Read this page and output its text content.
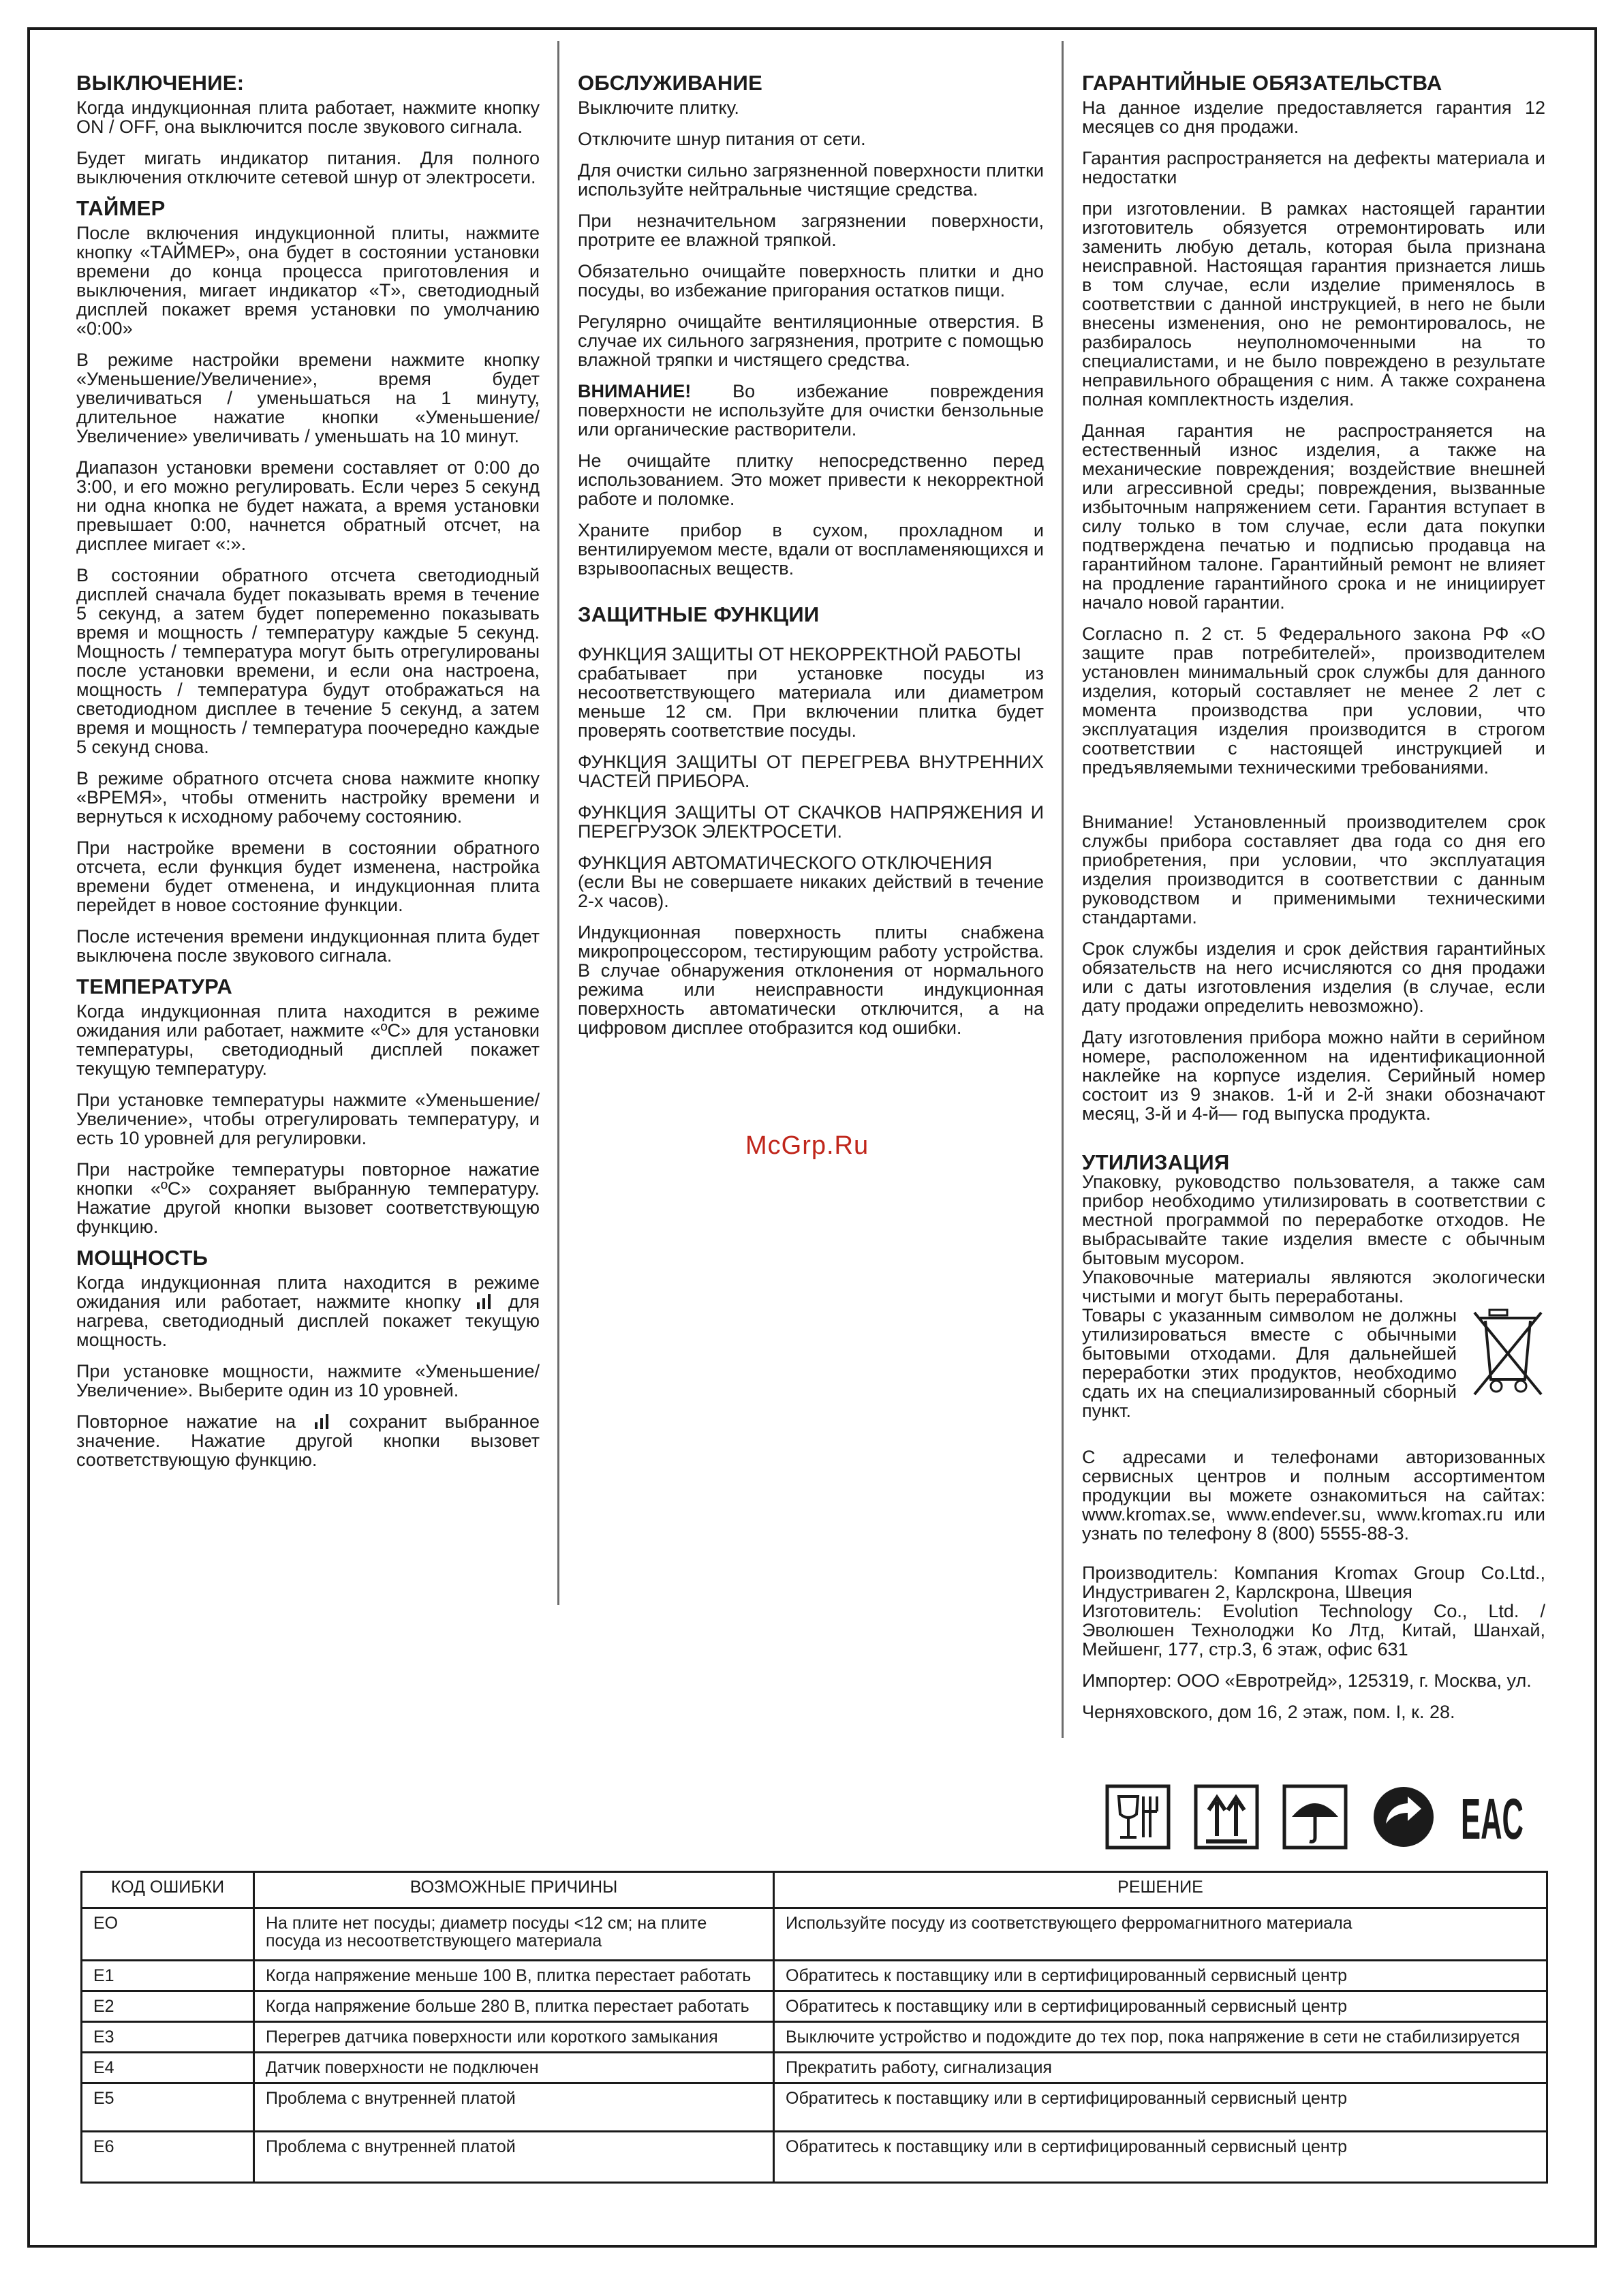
ВЫКЛЮЧЕНИЕ:

Когда индукционная плита работает, нажмите кнопку ON / OFF, она выключится после звукового сигнала.

Будет мигать индикатор питания. Для полного выключения отключите сетевой шнур от электросети.

ТАЙМЕР

После включения индукционной плиты, нажмите кнопку «ТАЙМЕР», она будет в состоянии установки времени до конца процесса приготовления и выключения, мигает индикатор «T», светодиодный дисплей покажет время установки по умолчанию «0:00»

В режиме настройки времени нажмите кнопку «Уменьшение/Увеличение», время будет увеличиваться / уменьшаться на 1 минуту, длительное нажатие кнопки «Уменьшение/Увеличение» увеличивать / уменьшать на 10 минут.

Диапазон установки времени составляет от 0:00 до 3:00, и его можно регулировать. Если через 5 секунд ни одна кнопка не будет нажата, а время установки превышает 0:00, начнется обратный отсчет, на дисплее мигает «:».

В состоянии обратного отсчета светодиодный дисплей сначала будет показывать время в течение 5 секунд, а затем будет попеременно показывать время и мощность / температуру каждые 5 секунд. Мощность / температура могут быть отрегулированы после установки времени, и если она настроена, мощность / температура будут отображаться на светодиодном дисплее в течение 5 секунд, а затем время и мощность / температура поочередно каждые 5 секунд снова.

В режиме обратного отсчета снова нажмите кнопку «ВРЕМЯ», чтобы отменить настройку времени и вернуться к исходному рабочему состоянию.

При настройке времени в состоянии обратного отсчета, если функция будет изменена, настройка времени будет отменена, и индукционная плита перейдет в новое состояние функции.

После истечения времени индукционная плита будет выключена после звукового сигнала.

ТЕМПЕРАТУРА

Когда индукционная плита находится в режиме ожидания или работает, нажмите «ºC» для установки температуры, светодиодный дисплей покажет текущую температуру.

При установке температуры нажмите «Уменьшение/Увеличение», чтобы отрегулировать температуру, и есть 10 уровней для регулировки.

При настройке температуры повторное нажатие кнопки «ºC» сохраняет выбранную температуру. Нажатие другой кнопки вызовет соответствующую функцию.

МОЩНОСТЬ

Когда индукционная плита находится в режиме ожидания или работает, нажмите кнопку	для нагрева, светодиодный дисплей покажет текущую мощность.

При установке мощности, нажмите «Уменьшение/Увеличение». Выберите один из 10 уровней.

Повторное нажатие на	сохранит выбранное значение. Нажатие другой кнопки вызовет соответствующую функцию.

ОБСЛУЖИВАНИЕ

Выключите плитку.

Отключите шнур питания от сети.

Для очистки сильно загрязненной поверхности плитки используйте нейтральные чистящие средства.

При незначительном загрязнении поверхности, протрите ее влажной тряпкой.

Обязательно очищайте поверхность плитки и дно посуды, во избежание пригорания остатков пищи.

Регулярно очищайте вентиляционные отверстия. В случае их сильного загрязнения, протрите с помощью влажной тряпки и чистящего средства.

ВНИМАНИЕ! Во избежание повреждения поверхности не используйте для очистки бензольные или органические растворители.

Не очищайте плитку непосредственно перед использованием. Это может привести к некорректной работе и поломке.

Храните прибор в сухом, прохладном и вентилируемом месте, вдали от воспламеняющихся и взрывоопасных веществ.

ЗАЩИТНЫЕ ФУНКЦИИ

ФУНКЦИЯ ЗАЩИТЫ ОТ НЕКОРРЕКТНОЙ РАБОТЫ
срабатывает при установке посуды из несоответствующего материала или диаметром меньше 12 см. При включении плитка будет проверять соответствие посуды.

ФУНКЦИЯ ЗАЩИТЫ ОТ ПЕРЕГРЕВА ВНУТРЕННИХ ЧАСТЕЙ ПРИБОРА.

ФУНКЦИЯ ЗАЩИТЫ ОТ СКАЧКОВ НАПРЯЖЕНИЯ И ПЕРЕГРУЗОК ЭЛЕКТРОСЕТИ.

ФУНКЦИЯ АВТОМАТИЧЕСКОГО ОТКЛЮЧЕНИЯ
(если Вы не совершаете никаких действий в течение 2-х часов).

Индукционная поверхность плиты снабжена микропроцессором, тестирующим работу устройства. В случае обнаружения отклонения от нормального режима или неисправности индукционная поверхность автоматически отключится, а на цифровом дисплее отобразится код ошибки.

McGrp.Ru
ГАРАНТИЙНЫЕ ОБЯЗАТЕЛЬСТВА

На данное изделие предоставляется гарантия 12 месяцев со дня продажи.

Гарантия распространяется на дефекты материала и недостатки

при изготовлении. В рамках настоящей гарантии изготовитель обязуется отремонтировать или заменить любую деталь, которая была признана неисправной. Настоящая гарантия признается лишь в том случае, если изделие применялось в соответствии с данной инструкцией, в него не были внесены изменения, оно не ремонтировалось, не разбиралось неуполномоченными на то специалистами, и не было повреждено в результате неправильного обращения с ним. А также сохранена полная комплектность изделия.

Данная гарантия не распространяется на естественный износ изделия, а также на механические повреждения; воздействие внешней или агрессивной среды; повреждения, вызванные избыточным напряжением сети. Гарантия вступает в силу только в том случае, если дата покупки подтверждена печатью и подписью продавца на гарантийном талоне. Гарантийный ремонт не влияет на продление гарантийного срока и не инициирует начало новой гарантии.

Согласно п. 2 ст. 5 Федерального закона РФ «О защите прав потребителей», производителем установлен минимальный срок службы для данного изделия, который составляет не менее 2 лет с момента производства при условии, что эксплуатация изделия производится в строгом соответствии с настоящей инструкцией и предъявляемыми техническими требованиями.

Внимание! Установленный производителем срок службы прибора составляет два года со дня его приобретения, при условии, что эксплуатация изделия производится в соответствии с данным руководством и применимыми техническими стандартами.

Срок службы изделия и срок действия гарантийных обязательств на него исчисляются со дня продажи или с даты изготовления изделия (в случае, если дату продажи определить невозможно).

Дату изготовления прибора можно найти в серийном номере, расположенном на идентификационной наклейке на корпусе изделия. Серийный номер состоит из 9 знаков. 1-й и 2-й знаки обозначают месяц, 3-й и 4-й— год выпуска продукта.

УТИЛИЗАЦИЯ

Упаковку, руководство пользователя, а также сам прибор необходимо утилизировать в соответствии с местной программой по переработке отходов. Не выбрасывайте такие изделия вместе с обычным бытовым мусором.

Упаковочные материалы являются экологически чистыми и могут быть переработаны.

Товары с указанным символом не должны утилизироваться вместе с обычными бытовыми отходами. Для дальнейшей переработки этих продуктов, необходимо сдать их на специализированный сборный пункт.

С адресами и телефонами авторизованных сервисных центров и полным ассортиментом продукции вы можете ознакомиться на сайтах: www.kromax.se, www.endever.su, www.kromax.ru или узнать по телефону 8 (800) 5555-88-3.

Производитель: Компания Kromax Group Co.Ltd., Индустриваген 2, Карлскрона, Швеция

Изготовитель: Evolution Technology Co., Ltd. / Эволюшен Технолоджи Ко Лтд, Китай, Шанхай, Мейшенг, 177, стр.3, 6 этаж, офис 631

Импортер: ООО «Евротрейд», 125319, г. Москва, ул.

Черняховского, дом 16, 2 этаж, пом. I, к. 28.

EAC
КОД ОШИБКИ	ВОЗМОЖНЫЕ ПРИЧИНЫ	РЕШЕНИЕ
EO	На плите нет посуды; диаметр посуды <12 см; на плите посуда из несоответствующего материала	Используйте посуду из соответствующего ферромагнитного материала
E1	Когда напряжение меньше 100 В, плитка перестает работать	Обратитесь к поставщику или в сертифицированный сервисный центр
E2	Когда напряжение больше 280 В, плитка перестает работать	Обратитесь к поставщику или в сертифицированный сервисный центр
E3	Перегрев датчика поверхности или короткого замыкания	Выключите устройство и подождите до тех пор, пока напряжение в сети не стабилизируется
E4	Датчик поверхности не подключен	Прекратить работу, сигнализация
E5	Проблема с внутренней платой	Обратитесь к поставщику или в сертифицированный сервисный центр
E6	Проблема с внутренней платой	Обратитесь к поставщику или в сертифицированный сервисный центр
